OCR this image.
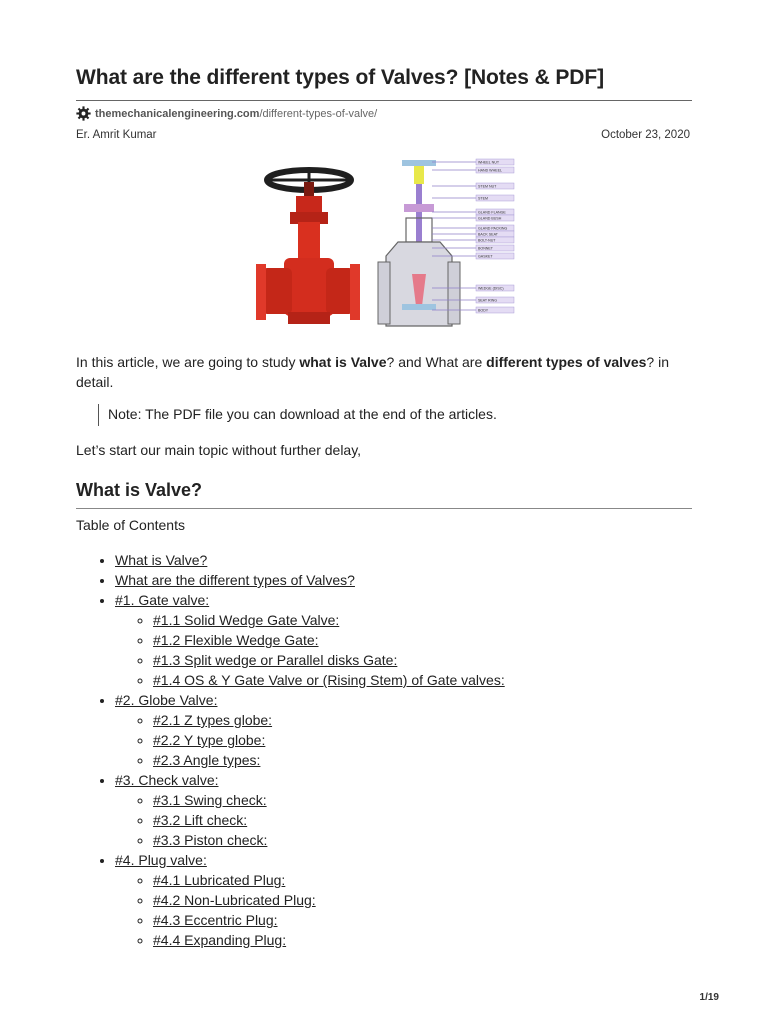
What are the different types of Valves? [Notes & PDF]
themechanicalengineering.com /different-types-of-valve/
Er. Amrit Kumar	October 23, 2020
WHEEL NUT
HAND WHEEL
STEM NUT
STEM
GLAND FLANGE
GLAND BUSH
GLAND PACKING
BACK SEAT
BOLT-NUT
BONNET
GASKET
WEDGE (DISC)
SEAT RING
BODY

In this article, we are going to study what is Valve? and What are different types of valves? in detail.

Note: The PDF file you can download at the end of the articles.

Let’s start our main topic without further delay,

What is Valve?
Table of Contents
• What is Valve?
• What are the different types of Valves?
• #1. Gate valve:
◦ #1.1 Solid Wedge Gate Valve:
◦ #1.2 Flexible Wedge Gate:
◦ #1.3 Split wedge or Parallel disks Gate:
◦ #1.4 OS & Y Gate Valve or (Rising Stem) of Gate valves:
• #2. Globe Valve:
◦ #2.1 Z types globe:
◦ #2.2 Y type globe:
◦ #2.3 Angle types:
• #3. Check valve:
◦ #3.1 Swing check:
◦ #3.2 Lift check:
◦ #3.3 Piston check:
• #4. Plug valve:
◦ #4.1 Lubricated Plug:
◦ #4.2 Non-Lubricated Plug:
◦ #4.3 Eccentric Plug:
◦ #4.4 Expanding Plug:
1/19
